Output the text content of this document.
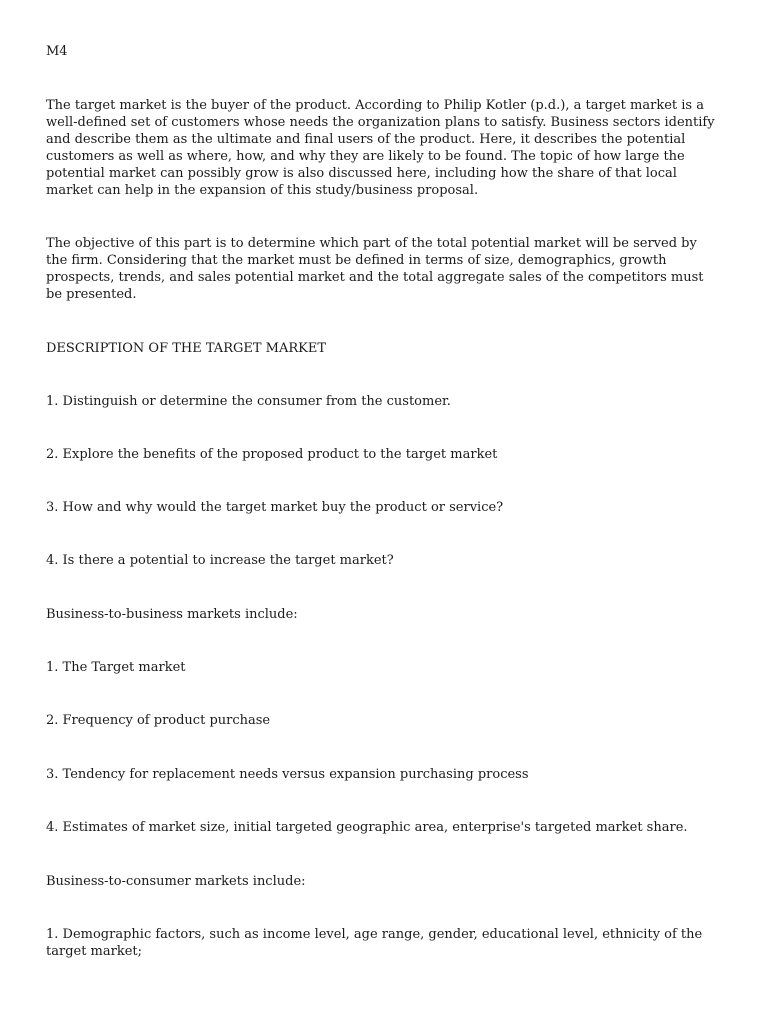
M4

The target market is the buyer of the product. According to Philip Kotler (p.d.), a target market is a well-defined set of customers whose needs the organization plans to satisfy. Business sectors identify and describe them as the ultimate and final users of the product. Here, it describes the potential customers as well as where, how, and why they are likely to be found. The topic of how large the potential market can possibly grow is also discussed here, including how the share of that local market can help in the expansion of this study/business proposal.

The objective of this part is to determine which part of the total potential market will be served by the firm. Considering that the market must be defined in terms of size, demographics, growth prospects, trends, and sales potential market and the total aggregate sales of the competitors must be presented.

DESCRIPTION OF THE TARGET MARKET

1. Distinguish or determine the consumer from the customer.

2. Explore the benefits of the proposed product to the target market

3. How and why would the target market buy the product or service?

4. Is there a potential to increase the target market?

Business-to-business markets include:

1. The Target market

2. Frequency of product purchase

3. Tendency for replacement needs versus expansion purchasing process

4. Estimates of market size, initial targeted geographic area, enterprise's targeted market share.

Business-to-consumer markets include:

1. Demographic factors, such as income level, age range, gender, educational level, ethnicity of the target market;
